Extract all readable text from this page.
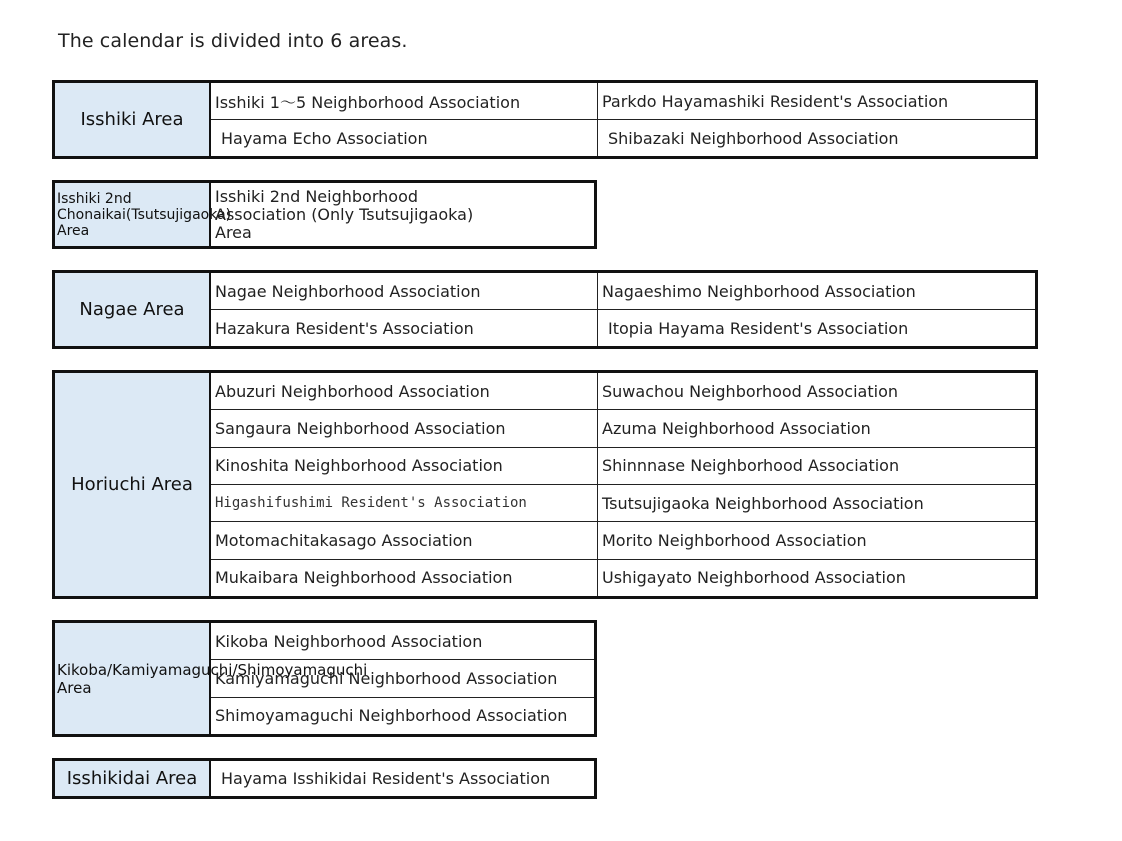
The calendar is divided into 6 areas.
Isshiki Area
Isshiki 1～5 Neighborhood Association	Parkdo Hayamashiki Resident's Association
Hayama Echo Association	Shibazaki Neighborhood Association
Isshiki 2nd Chonaikai(Tsutsujigaoka) Area
Isshiki 2nd Neighborhood Association (Only Tsutsujigaoka) Area
Nagae Area
Nagae Neighborhood Association	Nagaeshimo Neighborhood Association
Hazakura Resident's Association	Itopia Hayama Resident's Association
Horiuchi Area
Abuzuri Neighborhood Association	Suwachou Neighborhood Association
Sangaura Neighborhood Association	Azuma Neighborhood Association
Kinoshita Neighborhood Association	Shinnnase Neighborhood Association
Higashifushimi Resident's Association	Tsutsujigaoka Neighborhood Association
Motomachitakasago Association	Morito Neighborhood Association
Mukaibara Neighborhood Association	Ushigayato Neighborhood Association
Kikoba/Kamiyamaguchi/Shimoyamaguchi Area
Kikoba Neighborhood Association
Kamiyamaguchi Neighborhood Association
Shimoyamaguchi Neighborhood Association
Isshikidai Area	Hayama Isshikidai Resident's Association
